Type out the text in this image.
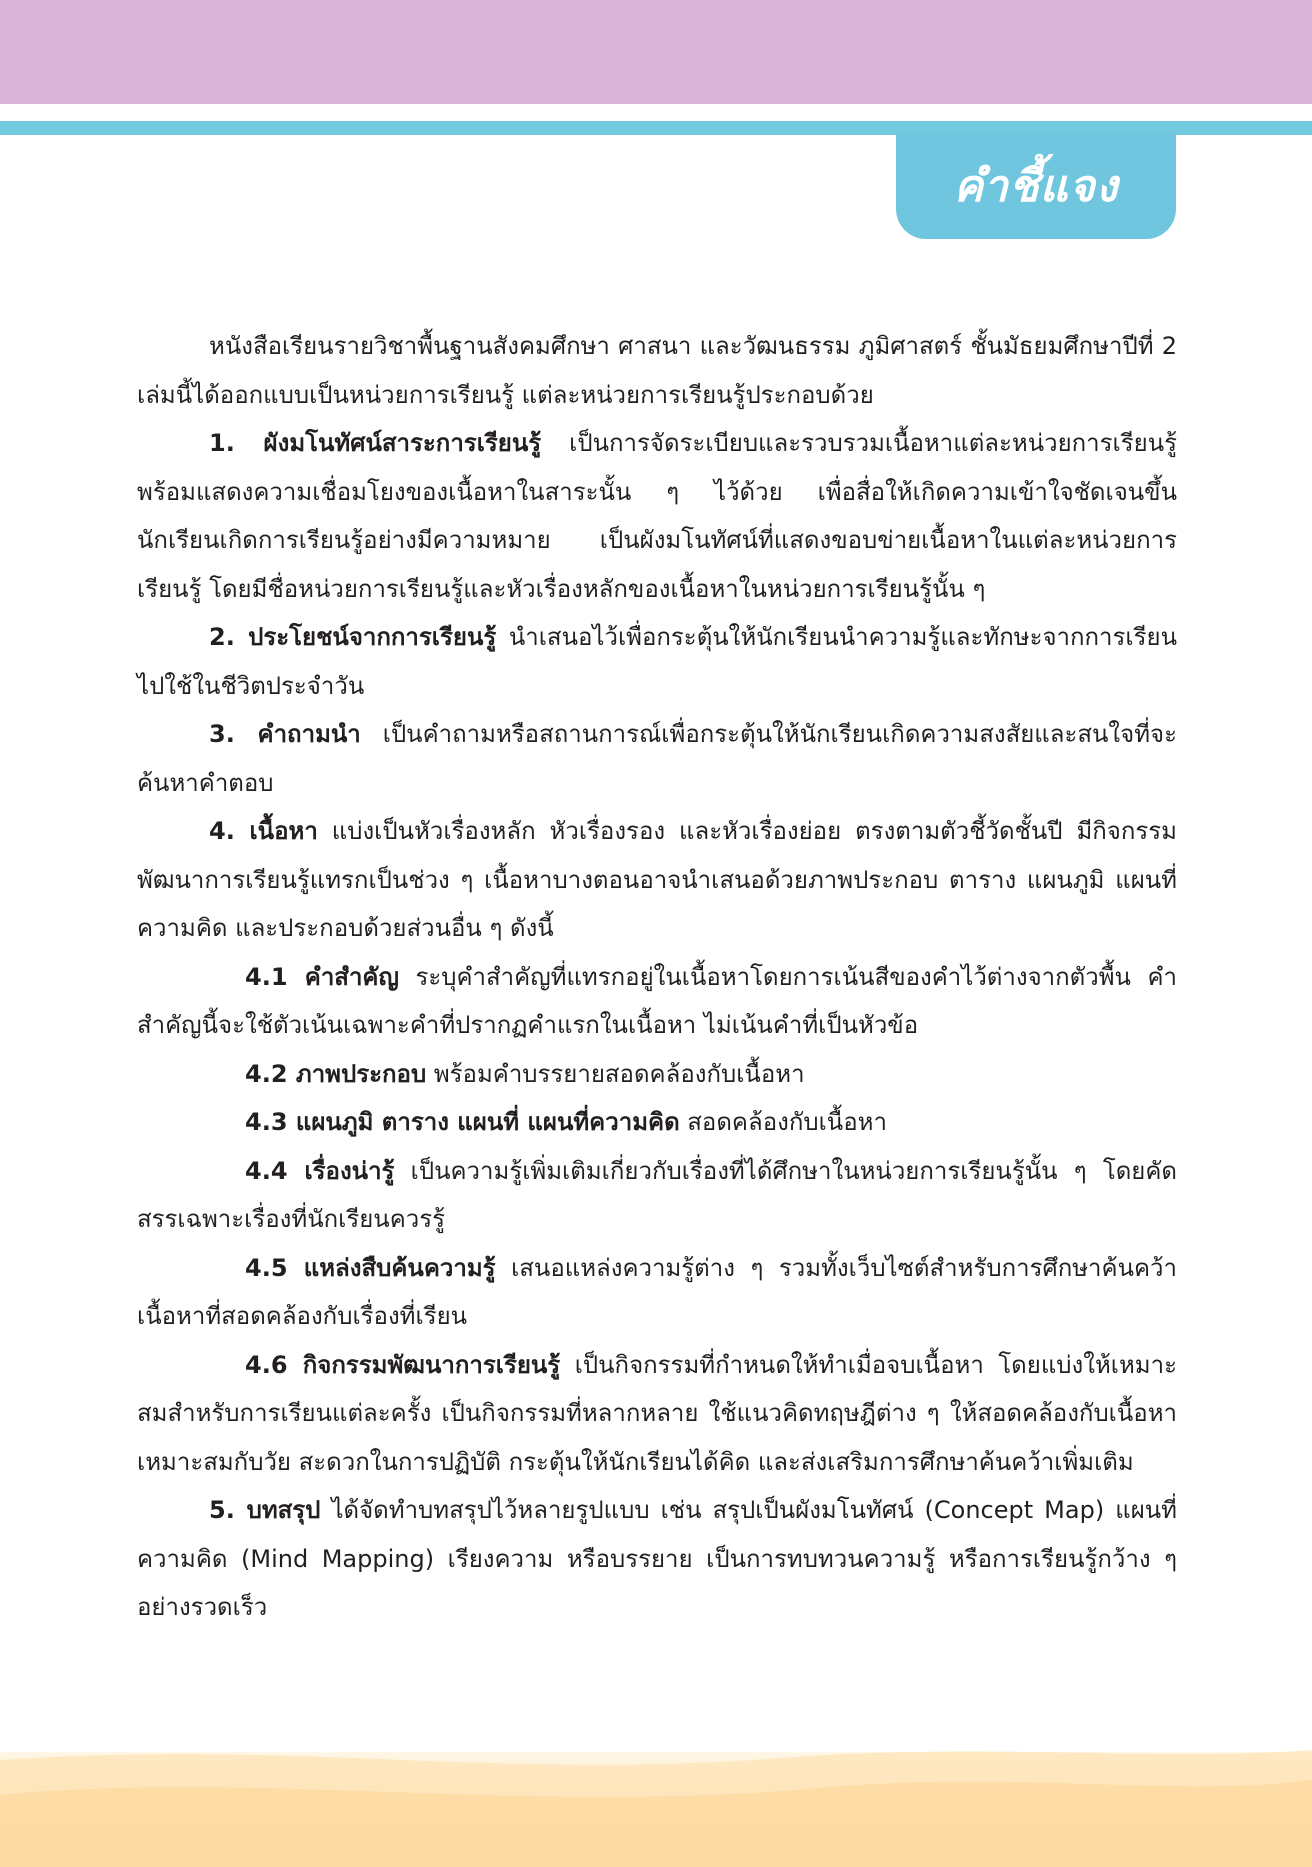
คำชี้แจง

หนังสือเรียนรายวิชาพื้นฐานสังคมศึกษา ศาสนา และวัฒนธรรม ภูมิศาสตร์ ชั้นมัธยมศึกษาปีที่ 2 เล่มนี้ได้ออกแบบเป็นหน่วยการเรียนรู้ แต่ละหน่วยการเรียนรู้ประกอบด้วย

1. ผังมโนทัศน์สาระการเรียนรู้ เป็นการจัดระเบียบและรวบรวมเนื้อหาแต่ละหน่วยการเรียนรู้ พร้อมแสดงความเชื่อมโยงของเนื้อหาในสาระนั้น ๆ ไว้ด้วย เพื่อสื่อให้เกิดความเข้าใจชัดเจนขึ้น นักเรียนเกิดการเรียนรู้อย่างมีความหมาย เป็นผังมโนทัศน์ที่แสดงขอบข่ายเนื้อหาในแต่ละหน่วยการเรียนรู้ โดยมีชื่อหน่วยการเรียนรู้และหัวเรื่องหลักของเนื้อหาในหน่วยการเรียนรู้นั้น ๆ

2. ประโยชน์จากการเรียนรู้ นำเสนอไว้เพื่อกระตุ้นให้นักเรียนนำความรู้และทักษะจากการเรียนไปใช้ในชีวิตประจำวัน

3. คำถามนำ เป็นคำถามหรือสถานการณ์เพื่อกระตุ้นให้นักเรียนเกิดความสงสัยและสนใจที่จะค้นหาคำตอบ

4. เนื้อหา แบ่งเป็นหัวเรื่องหลัก หัวเรื่องรอง และหัวเรื่องย่อย ตรงตามตัวชี้วัดชั้นปี มีกิจกรรมพัฒนาการเรียนรู้แทรกเป็นช่วง ๆ เนื้อหาบางตอนอาจนำเสนอด้วยภาพประกอบ ตาราง แผนภูมิ แผนที่ความคิด และประกอบด้วยส่วนอื่น ๆ ดังนี้

4.1 คำสำคัญ ระบุคำสำคัญที่แทรกอยู่ในเนื้อหาโดยการเน้นสีของคำไว้ต่างจากตัวพื้น คำสำคัญนี้จะใช้ตัวเน้นเฉพาะคำที่ปรากฏคำแรกในเนื้อหา ไม่เน้นคำที่เป็นหัวข้อ

4.2 ภาพประกอบ พร้อมคำบรรยายสอดคล้องกับเนื้อหา

4.3 แผนภูมิ ตาราง แผนที่ แผนที่ความคิด สอดคล้องกับเนื้อหา

4.4 เรื่องน่ารู้ เป็นความรู้เพิ่มเติมเกี่ยวกับเรื่องที่ได้ศึกษาในหน่วยการเรียนรู้นั้น ๆ โดยคัดสรรเฉพาะเรื่องที่นักเรียนควรรู้

4.5 แหล่งสืบค้นความรู้ เสนอแหล่งความรู้ต่าง ๆ รวมทั้งเว็บไซต์สำหรับการศึกษาค้นคว้าเนื้อหาที่สอดคล้องกับเรื่องที่เรียน

4.6 กิจกรรมพัฒนาการเรียนรู้ เป็นกิจกรรมที่กำหนดให้ทำเมื่อจบเนื้อหา โดยแบ่งให้เหมาะสมสำหรับการเรียนแต่ละครั้ง เป็นกิจกรรมที่หลากหลาย ใช้แนวคิดทฤษฎีต่าง ๆ ให้สอดคล้องกับเนื้อหา เหมาะสมกับวัย สะดวกในการปฏิบัติ กระตุ้นให้นักเรียนได้คิด และส่งเสริมการศึกษาค้นคว้าเพิ่มเติม

5. บทสรุป ได้จัดทำบทสรุปไว้หลายรูปแบบ เช่น สรุปเป็นผังมโนทัศน์ (Concept Map) แผนที่ความคิด (Mind Mapping) เรียงความ หรือบรรยาย เป็นการทบทวนความรู้ หรือการเรียนรู้กว้าง ๆ อย่างรวดเร็ว
